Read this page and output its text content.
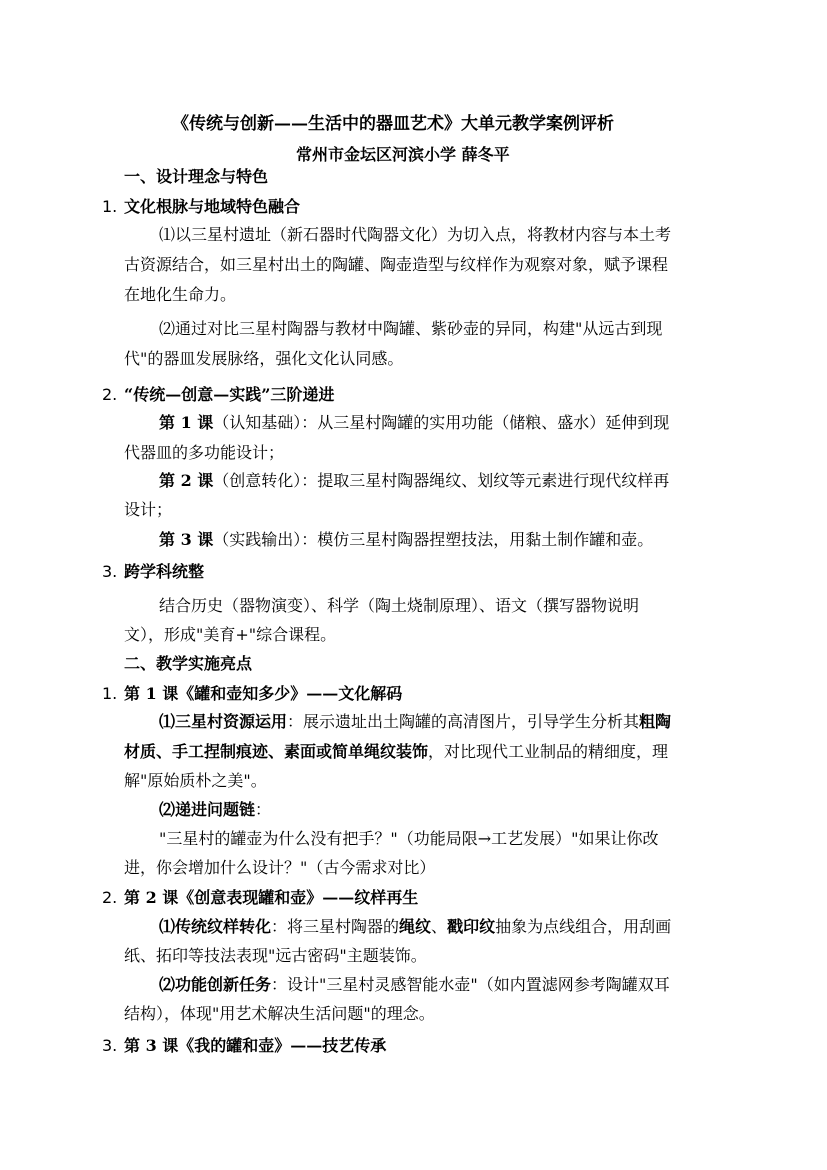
《传统与创新——生活中的器皿艺术》大单元教学案例评析
常州市金坛区河滨小学 薛冬平
一、设计理念与特色
1. 文化根脉与地域特色融合
⑴以三星村遗址（新石器时代陶器文化）为切入点，将教材内容与本土考
古资源结合，如三星村出土的陶罐、陶壶造型与纹样作为观察对象，赋予课程
在地化生命力。
⑵通过对比三星村陶器与教材中陶罐、紫砂壶的异同，构建"从远古到现
代"的器皿发展脉络，强化文化认同感。
2. “传统—创意—实践”三阶递进
第 1 课（认知基础）：从三星村陶罐的实用功能（储粮、盛水）延伸到现
代器皿的多功能设计；
第 2 课（创意转化）：提取三星村陶器绳纹、划纹等元素进行现代纹样再
设计；
第 3 课（实践输出）：模仿三星村陶器捏塑技法，用黏土制作罐和壶。
3. 跨学科统整
结合历史（器物演变）、科学（陶土烧制原理）、语文（撰写器物说明
文），形成"美育+"综合课程。
二、教学实施亮点
1. 第 1 课《罐和壶知多少》——文化解码
⑴三星村资源运用：展示遗址出土陶罐的高清图片，引导学生分析其粗陶
材质、手工捏制痕迹、素面或简单绳纹装饰，对比现代工业制品的精细度，理
解"原始质朴之美"。
⑵递进问题链：
"三星村的罐壶为什么没有把手？"（功能局限→工艺发展）"如果让你改
进，你会增加什么设计？"（古今需求对比）
2. 第 2 课《创意表现罐和壶》——纹样再生
⑴传统纹样转化：将三星村陶器的绳纹、戳印纹抽象为点线组合，用刮画
纸、拓印等技法表现"远古密码"主题装饰。
⑵功能创新任务：设计"三星村灵感智能水壶"（如内置滤网参考陶罐双耳
结构），体现"用艺术解决生活问题"的理念。
3. 第 3 课《我的罐和壶》——技艺传承
